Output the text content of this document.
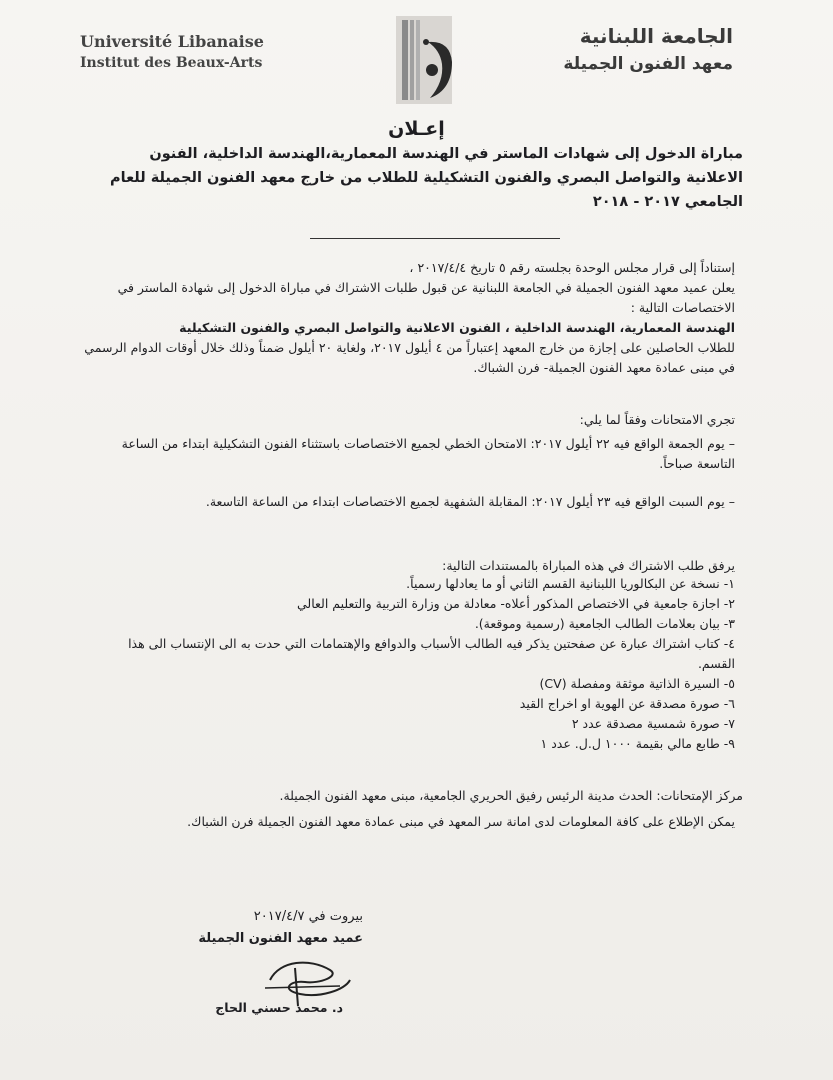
Université Libanaise
Institut des Beaux-Arts
الجامعة اللبنانية
معهد الفنون الجميلة
إعـلان
مباراة الدخول إلى شهادات الماستر في الهندسة المعمارية،الهندسة الداخلية، الفنون الاعلانية والتواصل البصري والفنون التشكيلية للطلاب من خارج معهد الفنون الجميلة للعام الجامعي ٢٠١٧ - ٢٠١٨
إستناداً إلى قرار مجلس الوحدة بجلسته رقم ٥ تاريخ ٢٠١٧/٤/٤ ،
يعلن عميد معهد الفنون الجميلة في الجامعة اللبنانية عن قبول طلبات الاشتراك في مباراة الدخول إلى شهادة الماستر في الاختصاصات التالية :
الهندسة المعمارية، الهندسة الداخلية ، الفنون الاعلانية والتواصل البصري والفنون التشكيلية
للطلاب الحاصلين على إجازة من خارج المعهد إعتباراً من ٤ أيلول ٢٠١٧، ولغاية ٢٠ أيلول ضمناً وذلك خلال أوقات الدوام الرسمي في مبنى عمادة معهد الفنون الجميلة- فرن الشباك.
تجري الامتحانات وفقاً لما يلي:
– يوم الجمعة الواقع فيه ٢٢ أيلول ٢٠١٧: الامتحان الخطي لجميع الاختصاصات باستثناء الفنون التشكيلية ابتداء من الساعة التاسعة صباحاً.
– يوم السبت الواقع فيه ٢٣ أيلول ٢٠١٧: المقابلة الشفهية لجميع الاختصاصات ابتداء من الساعة التاسعة.
يرفق طلب الاشتراك في هذه المباراة بالمستندات التالية:
١- نسخة عن البكالوريا اللبنانية القسم الثاني أو ما يعادلها رسمياً.
٢- اجازة جامعية في الاختصاص المذكور أعلاه- معادلة من وزارة التربية والتعليم العالي
٣- بيان بعلامات الطالب الجامعية (رسمية وموقعة).
٤- كتاب اشتراك عبارة عن صفحتين يذكر فيه الطالب الأسباب والدوافع والإهتمامات التي حدت به الى الإنتساب الى هذا القسم.
٥- السيرة الذاتية موثقة ومفصلة (CV)
٦- صورة مصدقة عن الهوية او اخراج القيد
٧- صورة شمسية مصدقة عدد ٢
٩- طابع مالي بقيمة ١٠٠٠ ل.ل. عدد ١
مركز الإمتحانات: الحدث مدينة الرئيس رفيق الحريري الجامعية، مبنى معهد الفنون الجميلة.
يمكن الإطلاع على كافة المعلومات لدى امانة سر المعهد في مبنى عمادة معهد الفنون الجميلة فرن الشباك.
بيروت في ٢٠١٧/٤/٧
عميد معهد الفنون الجميلة
د. محمد حسني الحاج
